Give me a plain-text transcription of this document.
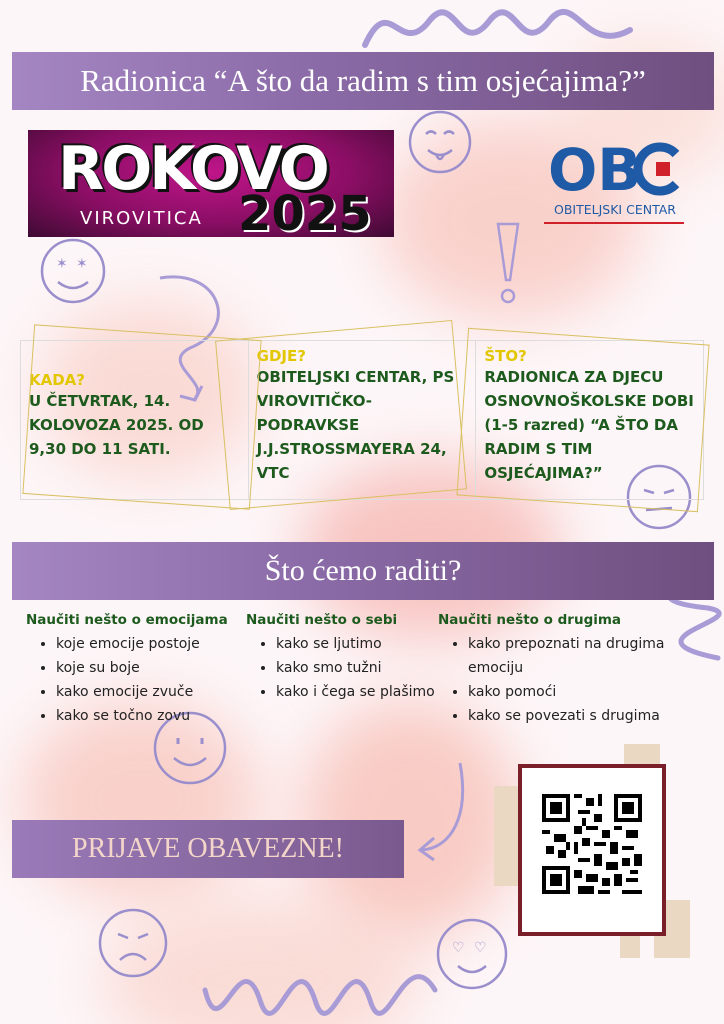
✶ ✶
♡ ♡
Radionica “A što da radim s tim osjećajima?”
ROKOVO
VIROVITICA 2025
OB
OBITELJSKI CENTAR
KADA?
U ČETVRTAK, 14. KOLOVOZA 2025. OD 9,30 DO 11 SATI.
GDJE?
OBITELJSKI CENTAR, PS VIROVITIČKO-PODRAVKSE J.J.STROSSMAYERA 24, VTC
ŠTO?
RADIONICA ZA DJECU OSNOVNOŠKOLSKE DOBI (1-5 razred) “A ŠTO DA RADIM S TIM OSJEĆAJIMA?”
Što ćemo raditi?
Naučiti nešto o emocijama
• koje emocije postoje
• koje su boje
• kako emocije zvuče
• kako se točno zovu
Naučiti nešto o sebi
• kako se ljutimo
• kako smo tužni
• kako i čega se plašimo
Naučiti nešto o drugima
• kako prepoznati na drugima emociju
• kako pomoći
• kako se povezati s drugima
PRIJAVE OBAVEZNE!
